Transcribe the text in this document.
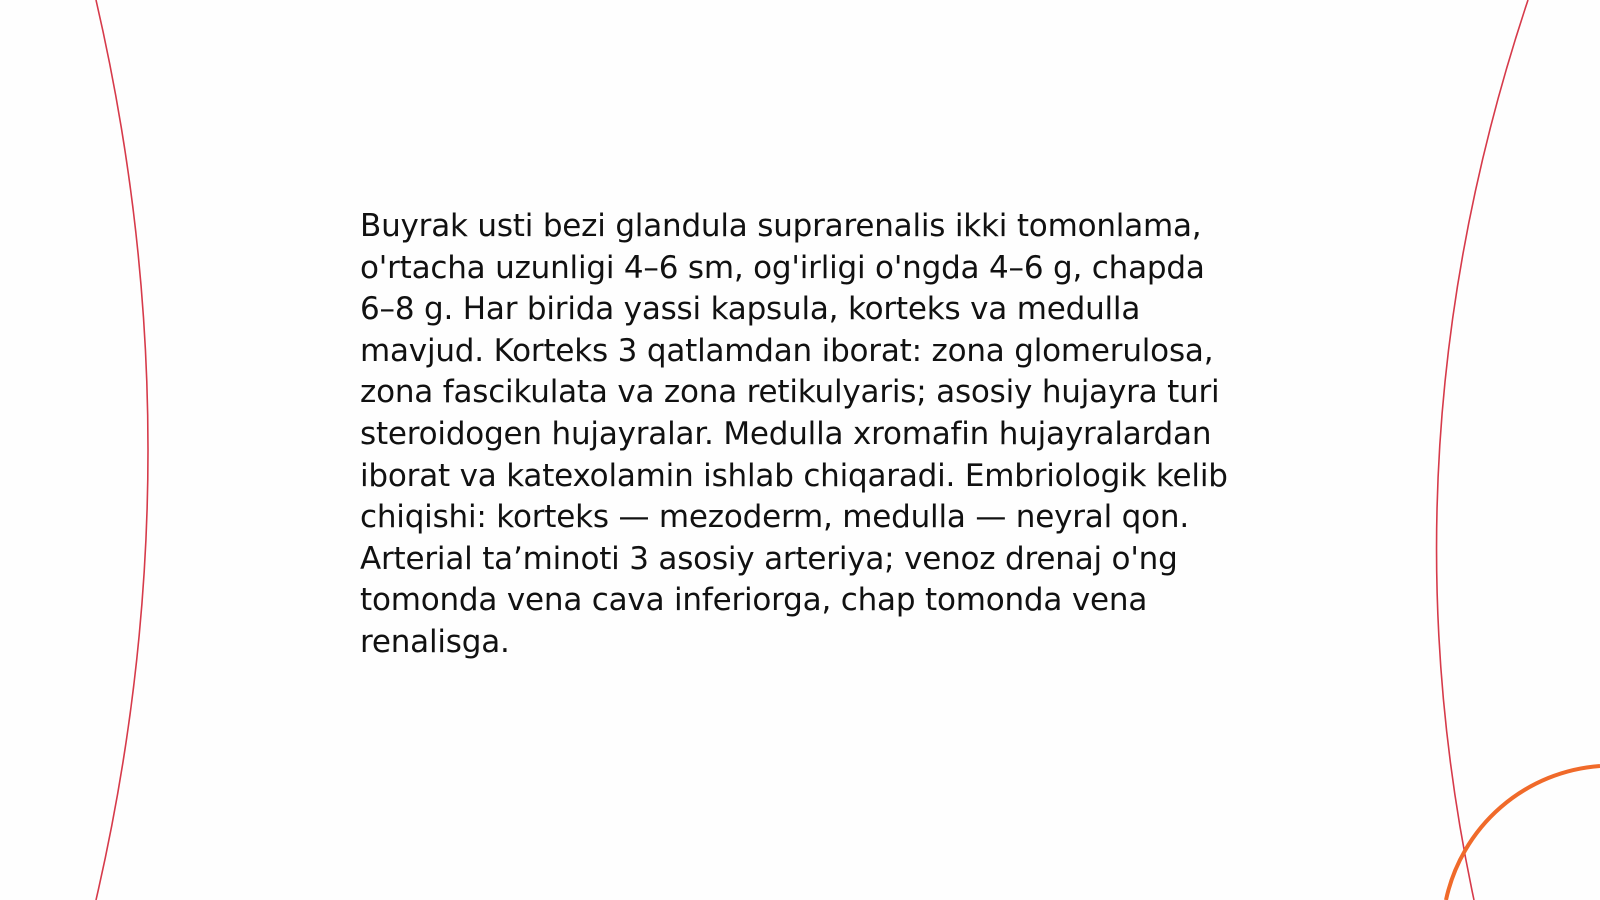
Buyrak usti bezi glandula suprarenalis ikki tomonlama, o'rtacha uzunligi 4–6 sm, og'irligi o'ngda 4–6 g, chapda 6–8 g. Har birida yassi kapsula, korteks va medulla mavjud. Korteks 3 qatlamdan iborat: zona glomerulosa, zona fascikulata va zona retikulyaris; asosiy hujayra turi steroidogen hujayralar. Medulla xromafin hujayralardan iborat va katexolamin ishlab chiqaradi. Embriologik kelib chiqishi: korteks — mezoderm, medulla — neyral qon. Arterial ta’minoti 3 asosiy arteriya; venoz drenaj o'ng tomonda vena cava inferiorga, chap tomonda vena renalisga.
